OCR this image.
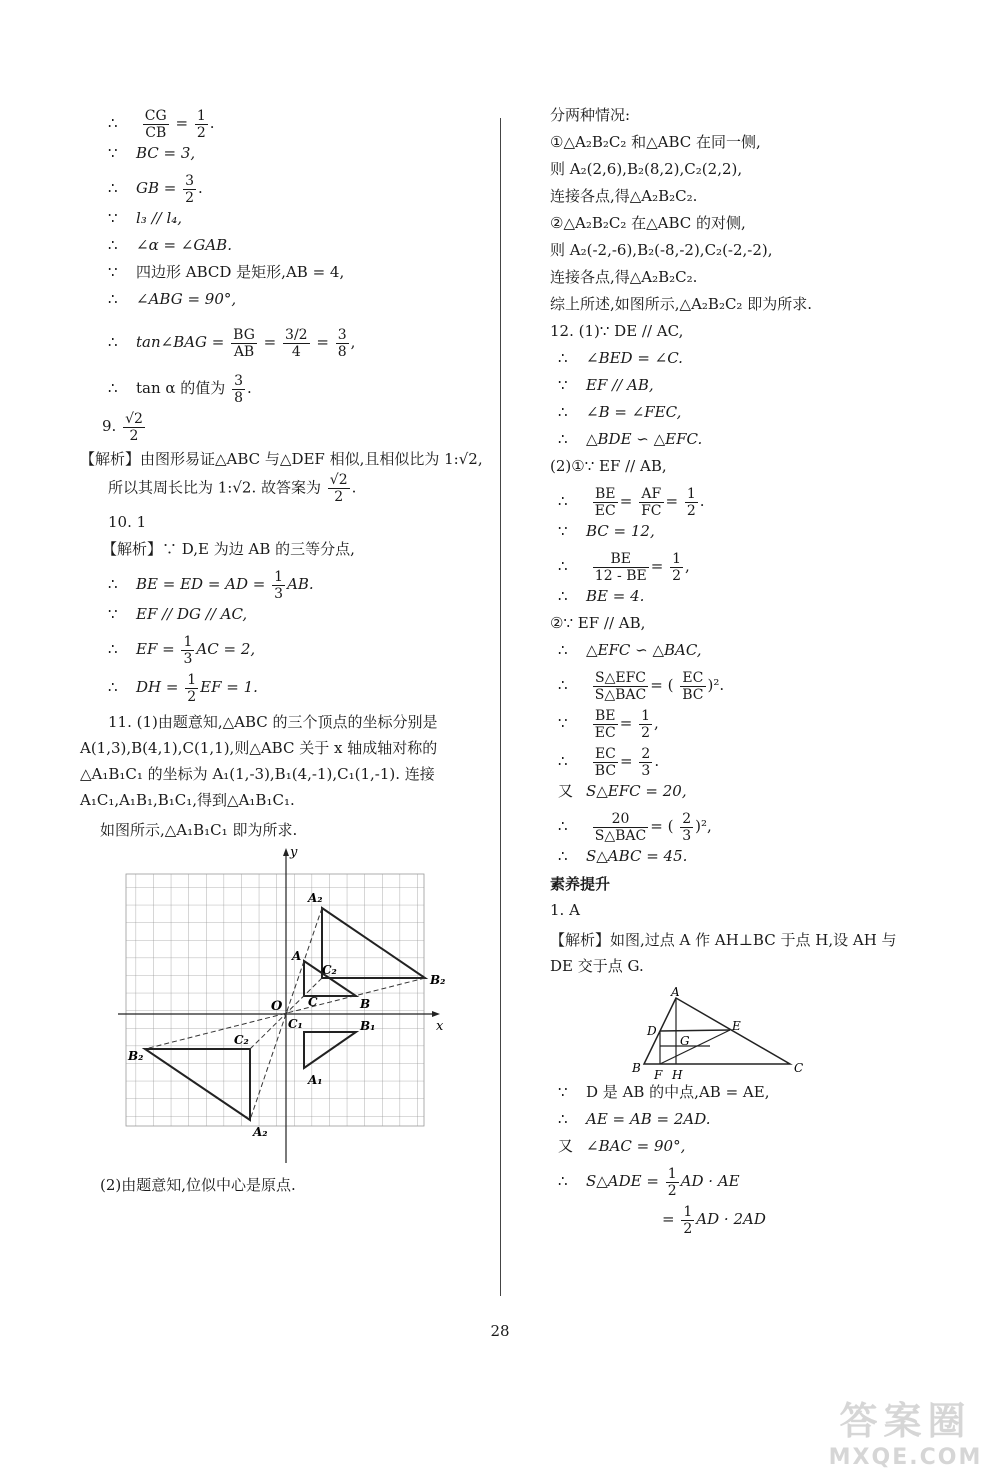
∴ $\frac{CG}{CB} = \frac{1}{2}$ .
∵ BC = 3,
∴ GB = $\frac{3}{2}$ .
∵ l₃ // l₄,
∴ ∠α = ∠GAB.
∵ 四边形 ABCD 是矩形,AB = 4,
∴ ∠ABG = 90°,
∴ tan∠BAG = $\frac{BG}{AB} = \frac{3/2}{4} = \frac{3}{8}$ ,
∴ tan α 的值为 $\frac{3}{8}$ .
9. $\frac{√2}{2}$
【解析】由图形易证△ABC 与△DEF 相似,且相似比为 1:√2,所以其周长比为 1:√2. 故答案为 $\frac{√2}{2}$ .
10. 1
【解析】∵ D,E 为边 AB 的三等分点,
∴ BE = ED = AD = $\frac{1}{3}$ AB.
∵ EF // DG // AC,
∴ EF = $\frac{1}{3}$ AC = 2,
∴ DH = $\frac{1}{2}$ EF = 1.
11. (1)由题意知,△ABC 的三个顶点的坐标分别是 A(1,3),B(4,1),C(1,1),则△ABC 关于 x 轴成轴对称的△A₁B₁C₁ 的坐标为 A₁(1,-3),B₁(4,-1),C₁(1,-1). 连接 A₁C₁,A₁B₁,B₁C₁,得到△A₁B₁C₁.
如图所示,△A₁B₁C₁ 即为所求.
y
x
O
A
B
C
A₁
B₁
C₁
A₂
B₂
C₂
A₂
B₂
C₂
(2)由题意知,位似中心是原点.
分两种情况:
①△A₂B₂C₂ 和△ABC 在同一侧,
则 A₂(2,6),B₂(8,2),C₂(2,2),
连接各点,得△A₂B₂C₂.
②△A₂B₂C₂ 在△ABC 的对侧,
则 A₂(-2,-6),B₂(-8,-2),C₂(-2,-2),
连接各点,得△A₂B₂C₂.
综上所述,如图所示,△A₂B₂C₂ 即为所求.
12. (1)∵ DE // AC,
∴ ∠BED = ∠C.
∵ EF // AB,
∴ ∠B = ∠FEC,
∴ △BDE ∽ △EFC.
(2)①∵ EF // AB,
∴ $\frac{BE}{EC} = \frac{AF}{FC} = \frac{1}{2}$ .
∵ BC = 12,
∴ $\frac{BE}{12 - BE} = \frac{1}{2}$ ,
∴ BE = 4.
②∵ EF // AB,
∴ △EFC ∽ △BAC,
∴ $\frac{\text{S△EFC}}{\text{S△BAC}}$ = ( $\frac{EC}{BC} )^2$.
∵ $\frac{BE}{EC} = \frac{1}{2}$ ,
∴ $\frac{EC}{BC} = \frac{2}{3}$ .
又 S△EFC = 20,
∴ $\frac{20}{\text{S△BAC}}$ = ( $\frac{2}{3} )^2$,
∴ S△ABC = 45.
素养提升
1. A
【解析】如图,过点 A 作 AH⊥BC 于点 H,设 AH 与 DE 交于点 G.
A
B	C
D	E
F
G
H
∵ D 是 AB 的中点,AB = AE,
∴ AE = AB = 2AD.
又 ∠BAC = 90°,
∴ S△ADE = $\frac{1}{2}$ AD · AE
= $\frac{1}{2}$ AD · 2AD
28
答案圈
MXQE.COM
